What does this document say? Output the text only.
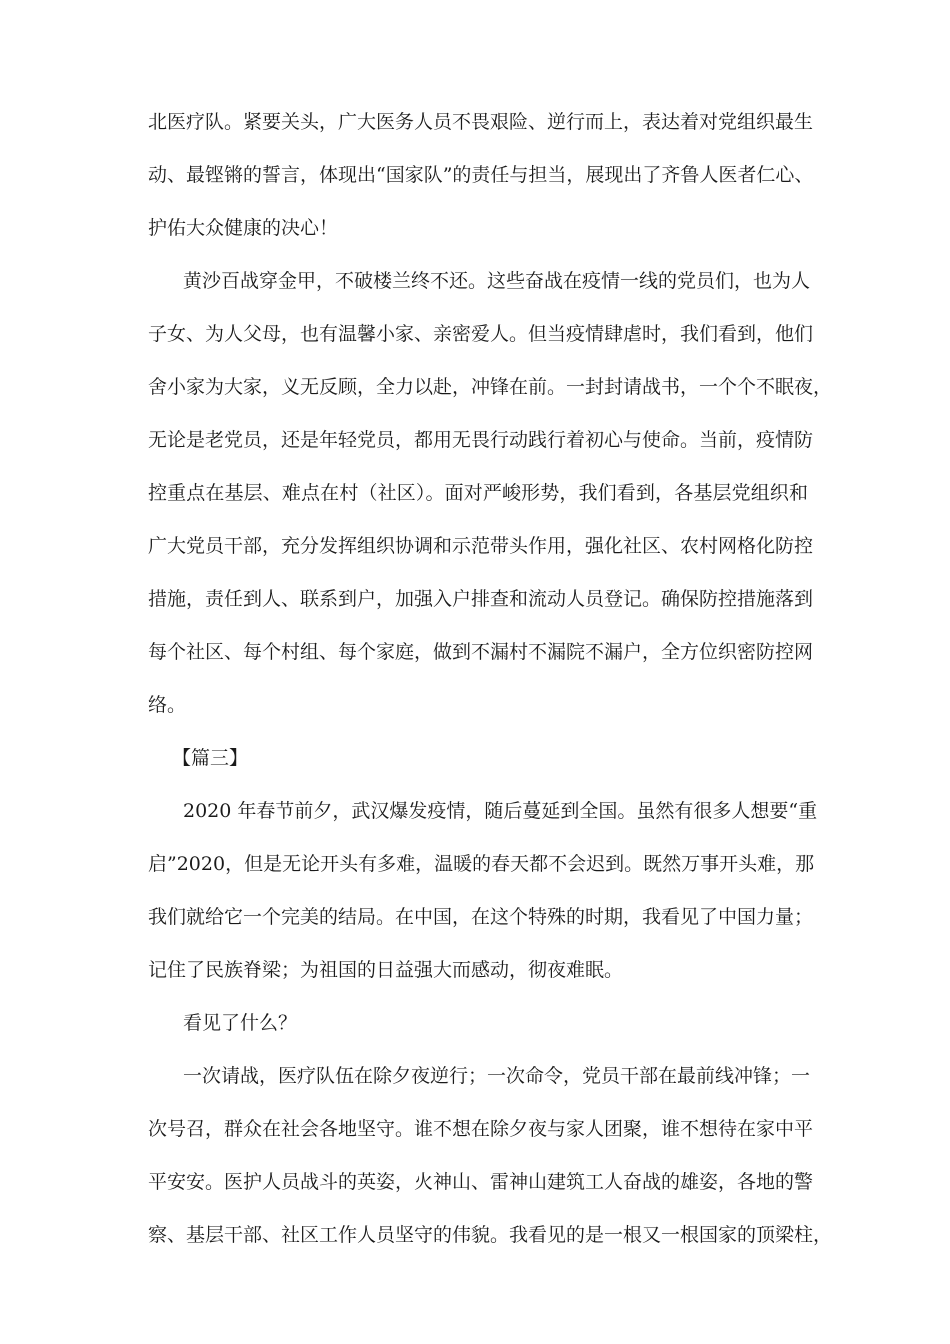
北医疗队。紧要关头，广大医务人员不畏艰险、逆行而上，表达着对党组织最生
动、最铿锵的誓言，体现出“国家队”的责任与担当，展现出了齐鲁人医者仁心、
护佑大众健康的决心！
黄沙百战穿金甲，不破楼兰终不还。这些奋战在疫情一线的党员们，也为人
子女、为人父母，也有温馨小家、亲密爱人。但当疫情肆虐时，我们看到，他们
舍小家为大家，义无反顾，全力以赴，冲锋在前。一封封请战书，一个个不眠夜，
无论是老党员，还是年轻党员，都用无畏行动践行着初心与使命。当前，疫情防
控重点在基层、难点在村（社区）。面对严峻形势，我们看到，各基层党组织和
广大党员干部，充分发挥组织协调和示范带头作用，强化社区、农村网格化防控
措施，责任到人、联系到户，加强入户排查和流动人员登记。确保防控措施落到
每个社区、每个村组、每个家庭，做到不漏村不漏院不漏户，全方位织密防控网
络。
【篇三】
2020 年春节前夕，武汉爆发疫情，随后蔓延到全国。虽然有很多人想要“重
启”2020，但是无论开头有多难，温暖的春天都不会迟到。既然万事开头难，那
我们就给它一个完美的结局。在中国，在这个特殊的时期，我看见了中国力量；
记住了民族脊梁；为祖国的日益强大而感动，彻夜难眠。
看见了什么？
一次请战，医疗队伍在除夕夜逆行；一次命令，党员干部在最前线冲锋；一
次号召，群众在社会各地坚守。谁不想在除夕夜与家人团聚，谁不想待在家中平
平安安。医护人员战斗的英姿，火神山、雷神山建筑工人奋战的雄姿，各地的警
察、基层干部、社区工作人员坚守的伟貌。我看见的是一根又一根国家的顶梁柱，
